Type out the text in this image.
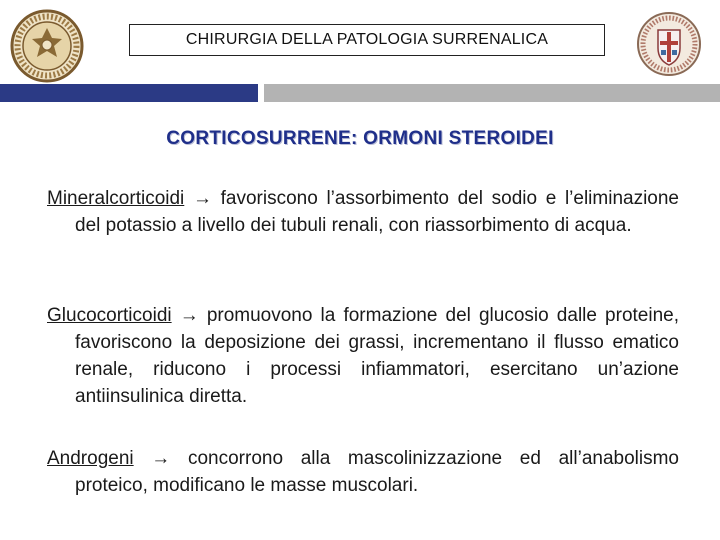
CHIRURGIA DELLA PATOLOGIA SURRENALICA
CORTICOSURRENE: ORMONI STEROIDEI
Mineralcorticoidi → favoriscono l’assorbimento del sodio e l’eliminazione del potassio a livello dei tubuli renali, con riassorbimento di acqua.
Glucocorticoidi → promuovono la formazione del glucosio dalle proteine, favoriscono la deposizione dei grassi, incrementano il flusso ematico renale, riducono i processi infiammatori, esercitano un’azione antiinsulinica diretta.
Androgeni → concorrono alla mascolinizzazione ed all’anabolismo proteico, modificano le masse muscolari.
